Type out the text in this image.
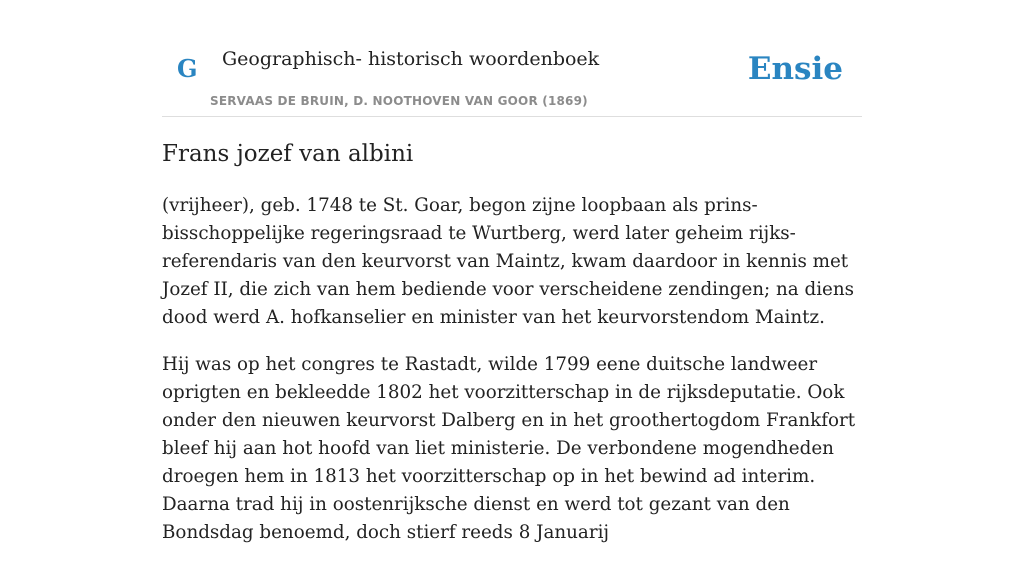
G Geographisch- historisch woordenboek
SERVAAS DE BRUIN, D. NOOTHOVEN VAN GOOR (1869)
Ensie
Frans jozef van albini

(vrijheer), geb. 1748 te St. Goar, begon zijne loopbaan als prins-bisschoppelijke regeringsraad te Wurtberg, werd later geheim rijks-referendaris van den keurvorst van Maintz, kwam daardoor in kennis met Jozef II, die zich van hem bediende voor verscheidene zendingen; na diens dood werd A. hofkanselier en minister van het keurvorstendom Maintz.

Hij was op het congres te Rastadt, wilde 1799 eene duitsche landweer oprigten en bekleedde 1802 het voorzitterschap in de rijksdeputatie. Ook onder den nieuwen keurvorst Dalberg en in het groothertogdom Frankfort bleef hij aan hot hoofd van liet ministerie. De verbondene mogendheden droegen hem in 1813 het voorzitterschap op in het bewind ad interim. Daarna trad hij in oostenrijksche dienst en werd tot gezant van den Bondsdag benoemd, doch stierf reeds 8 Januarij
